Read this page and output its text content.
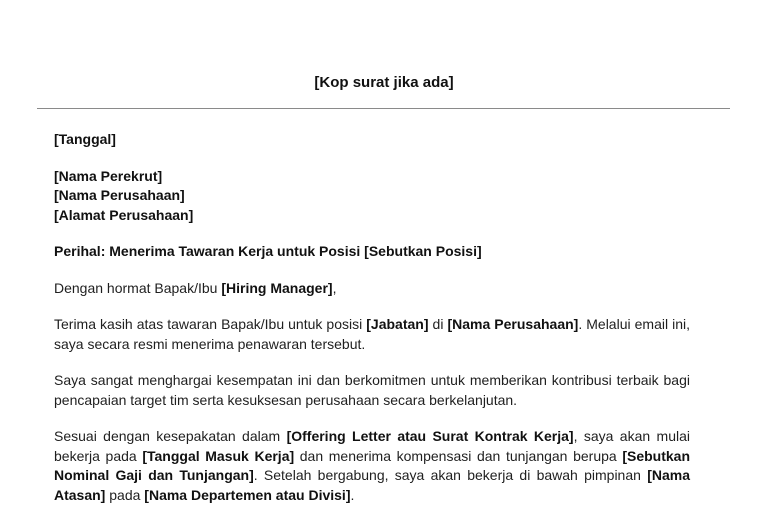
[Kop surat jika ada]

[Tanggal]

[Nama Perekrut]

[Nama Perusahaan]

[Alamat Perusahaan]

Perihal: Menerima Tawaran Kerja untuk Posisi [Sebutkan Posisi]

Dengan hormat Bapak/Ibu [Hiring Manager],

Terima kasih atas tawaran Bapak/Ibu untuk posisi [Jabatan] di [Nama Perusahaan]. Melalui email ini, saya secara resmi menerima penawaran tersebut.

Saya sangat menghargai kesempatan ini dan berkomitmen untuk memberikan kontribusi terbaik bagi pencapaian target tim serta kesuksesan perusahaan secara berkelanjutan.

Sesuai dengan kesepakatan dalam [Offering Letter atau Surat Kontrak Kerja], saya akan mulai bekerja pada [Tanggal Masuk Kerja] dan menerima kompensasi dan tunjangan berupa [Sebutkan Nominal Gaji dan Tunjangan]. Setelah bergabung, saya akan bekerja di bawah pimpinan [Nama Atasan] pada [Nama Departemen atau Divisi].
